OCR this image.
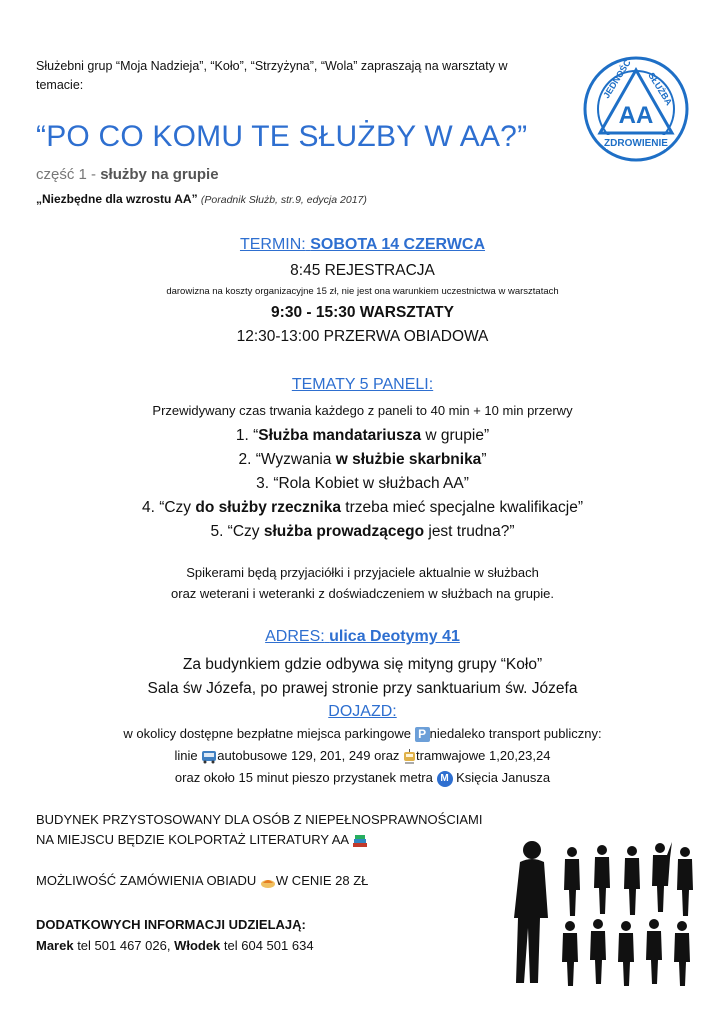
Służebni grup “Moja Nadzieja”, “Koło”, “Strzyżyna”, “Wola” zapraszają na warsztaty w temacie:
AA
JEDNOŚĆ SŁUŻBA
ZDROWIENIE
“PO CO KOMU TE SŁUŻBY W AA?”
część 1 - służby na grupie
„Niezbędne dla wzrostu AA” (Poradnik Służb, str.9, edycja 2017)
TERMIN: SOBOTA 14 CZERWCA
8:45 REJESTRACJA
darowizna na koszty organizacyjne 15 zł, nie jest ona warunkiem uczestnictwa w warsztatach
9:30 - 15:30 WARSZTATY
12:30-13:00 PRZERWA OBIADOWA
TEMATY 5 PANELI:
Przewidywany czas trwania każdego z paneli to 40 min + 10 min przerwy
1. “Służba mandatariusza w grupie”
2. “Wyzwania w służbie skarbnika”
3. “Rola Kobiet w służbach AA”
4. “Czy do służby rzecznika trzeba mieć specjalne kwalifikacje”
5. “Czy służba prowadzącego jest trudna?”
Spikerami będą przyjaciółki i przyjaciele aktualnie w służbach
oraz weterani i weteranki z doświadczeniem w służbach na grupie.
ADRES: ulica Deotymy 41
Za budynkiem gdzie odbywa się mityng grupy “Koło”
Sala św Józefa, po prawej stronie przy sanktuarium św. Józefa
DOJAZD:
w okolicy dostępne bezpłatne miejsca parkingowe P niedaleko transport publiczny:
linie autobusowe 129, 201, 249 oraz tramwajowe 1,20,23,24
oraz około 15 minut pieszo przystanek metra M Księcia Janusza
BUDYNEK PRZYSTOSOWANY DLA OSÓB Z NIEPEŁNOSPRAWNOŚCIAMI
NA MIEJSCU BĘDZIE KOLPORTAŻ LITERATURY AA
MOŻLIWOŚĆ ZAMÓWIENIA OBIADU W CENIE 28 ZŁ
DODATKOWYCH INFORMACJI UDZIELAJĄ:
Marek tel 501 467 026, Włodek tel 604 501 634
